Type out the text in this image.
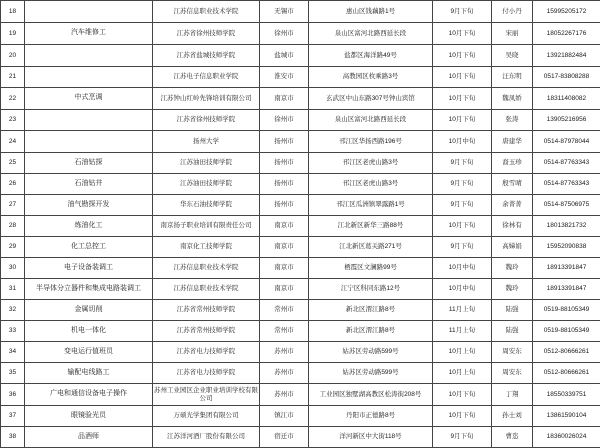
18		江苏信息职业技术学院	无锡市	惠山区钱藕路1号	9月下旬	付小丹	15995205172
19	汽车维修工	江苏省徐州技师学院	徐州市	泉山区富河北路西延长段	10月下旬	宋丽	18052267176
20		江苏省盐城技师学院	盐城市	盐都区海洋路49号	10月下旬	吴晓	13921882484
21		江苏电子信息职业学院	淮安市	高教园区枚乘路3号	10月下旬	汪东明	0517-83808288
22	中式烹调	江苏钟山红岭先锋培训有限公司	南京市	玄武区中山东路307号钟山宾馆	10月下旬	魏凤娇	18311408082
23		江苏省徐州技师学院	徐州市	泉山区富河北路西延长段	10月下旬	张涛	13905216956
24		扬州大学	扬州市	邗江区华扬西路196号	10月中旬	唐建华	0514-87978044
25	石油钻探	江苏油田技师学院	扬州市	邗江区老虎山路3号	9月下旬	裔玉珍	0514-87763343
26	石油钻井	江苏油田技师学院	扬州市	邗江区老虎山路3号	9月下旬	殷雪晴	0514-87763343
27	油气勘探开发	华东石油技师学院	扬州市	邗江区瓜洲镇翠露路1号	9月下旬	余菁菁	0514-87506975
28	炼油化工	南京扬子职业培训有限责任公司	南京市	江北新区新华三路88号	10月下旬	徐林有	18013821732
29	化工总控工	南京化工技师学院	南京市	江北新区葛关路271号	9月下旬	高娣娟	15952090838
30	电子设备装调工	江苏信息职业技术学院	南京市	栖霞区文澜路99号	10月中旬	魏玲	18913391847
31	半导体分立器件和集成电路装调工	江苏信息职业技术学院	南京市	江宁区科同东路12号	10月中旬	魏玲	18913391847
32	金属切削	江苏省常州技师学院	常州市	新北区渭江路8号	11月上旬	陆强	0519-88105349
33	机电一体化	江苏省常州技师学院	常州市	新北区渭江路8号	11月上旬	陆强	0519-88105349
34	变电运行值班员	江苏省电力技师学院	苏州市	姑苏区劳动路599号	10月上旬	周安东	0512-80666261
35	输配电线路工	江苏省电力技师学院	苏州市	姑苏区劳动路599号	10月上旬	周安东	0512-80666261
36	广电和通信设备电子操作	苏州工业园区企业职业培训学校有限公司	苏州市	工业园区独墅湖高教区松涛街208号	10月下旬	丁翔	18550339751
37	眼镜验光员	万硕光学集团有限公司	镇江市	丹阳市正德路8号	10月下旬	孙士刘	13861590104
38	品酒师	江苏洋河酒厂股份有限公司	宿迁市	洋河新区中大街118号	9月下旬	曹恣	18360026024
